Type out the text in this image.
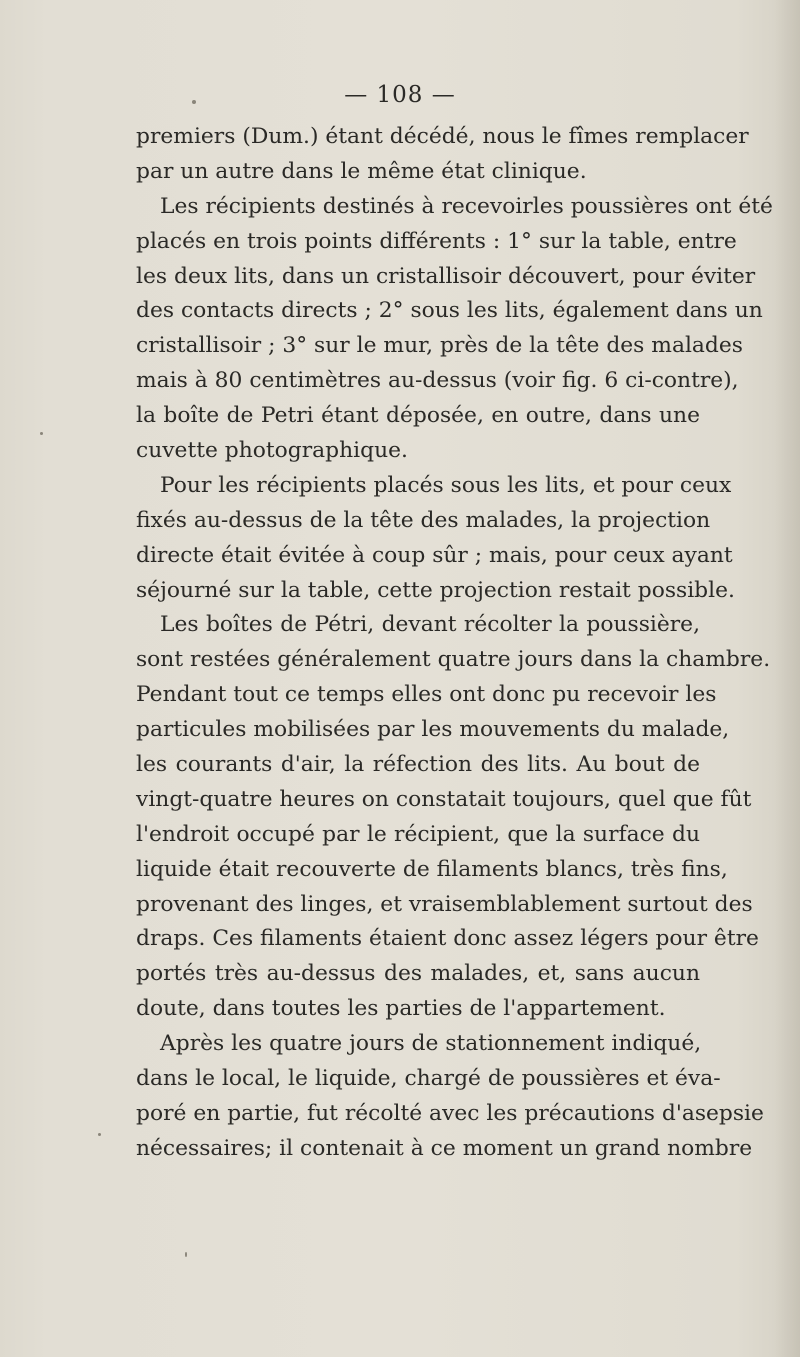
— 108 —
premiers (Dum.) étant décédé, nous le fîmes remplacer
par un autre dans le même état clinique.
Les récipients destinés à recevoirles poussières ont été
placés en trois points différents : 1° sur la table, entre
les deux lits, dans un cristallisoir découvert, pour éviter
des contacts directs ; 2° sous les lits, également dans un
cristallisoir ; 3° sur le mur, près de la tête des malades
mais à 80 centimètres au-dessus (voir fig. 6 ci-contre),
la boîte de Petri étant déposée, en outre, dans une
cuvette photographique.
Pour les récipients placés sous les lits, et pour ceux
fixés au-dessus de la tête des malades, la projection
directe était évitée à coup sûr ; mais, pour ceux ayant
séjourné sur la table, cette projection restait possible.
Les boîtes de Pétri, devant récolter la poussière,
sont restées généralement quatre jours dans la chambre.
Pendant tout ce temps elles ont donc pu recevoir les
particules mobilisées par les mouvements du malade,
les courants d'air, la réfection des lits. Au bout de
vingt-quatre heures on constatait toujours, quel que fût
l'endroit occupé par le récipient, que la surface du
liquide était recouverte de filaments blancs, très fins,
provenant des linges, et vraisemblablement surtout des
draps. Ces filaments étaient donc assez légers pour être
portés très au-dessus des malades, et, sans aucun
doute, dans toutes les parties de l'appartement.
Après les quatre jours de stationnement indiqué,
dans le local, le liquide, chargé de poussières et éva-
poré en partie, fut récolté avec les précautions d'asepsie
nécessaires; il contenait à ce moment un grand nombre
